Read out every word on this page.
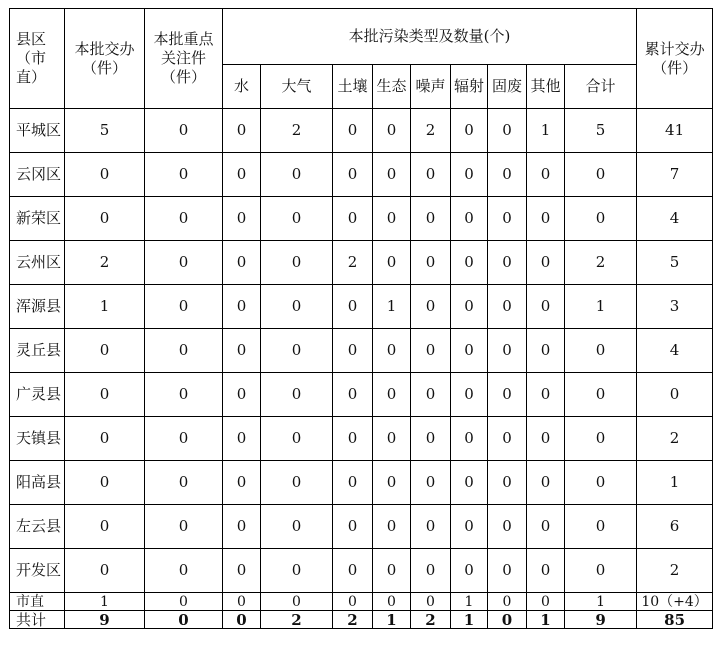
县区（市直）	本批交办（件）	本批重点关注件（件）	本批污染类型及数量(个)									累计交办（件）
			水	大气	土壤	生态	噪声	辐射	固废	其他	合计	
平城区	5	0	0	2	0	0	2	0	0	1	5	41
云冈区	0	0	0	0	0	0	0	0	0	0	0	7
新荣区	0	0	0	0	0	0	0	0	0	0	0	4
云州区	2	0	0	0	2	0	0	0	0	0	2	5
浑源县	1	0	0	0	0	1	0	0	0	0	1	3
灵丘县	0	0	0	0	0	0	0	0	0	0	0	4
广灵县	0	0	0	0	0	0	0	0	0	0	0	0
天镇县	0	0	0	0	0	0	0	0	0	0	0	2
阳高县	0	0	0	0	0	0	0	0	0	0	0	1
左云县	0	0	0	0	0	0	0	0	0	0	0	6
开发区	0	0	0	0	0	0	0	0	0	0	0	2
市直	1	0	0	0	0	0	0	1	0	0	1	10（+4）
共计	9	0	0	2	2	1	2	1	0	1	9	85
